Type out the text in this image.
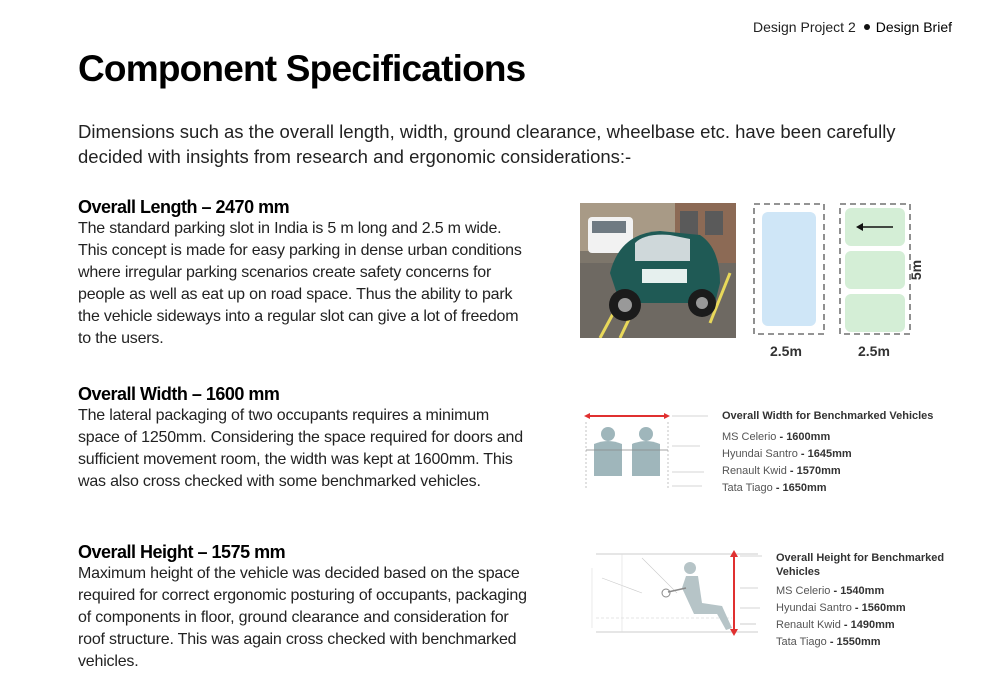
Design Project 2 Design Brief
Component Specifications

Dimensions such as the overall length, width, ground clearance, wheelbase etc. have been carefully decided with insights from research and ergonomic considerations:-

Overall Length – 2470 mm

The standard parking slot in India is 5 m long and 2.5 m wide. This concept is made for easy parking in dense urban conditions where irregular parking scenarios create safety concerns for people as well as eat up on road space. Thus the ability to park the vehicle sideways into a regular slot can give a lot of freedom to the users.

Overall Width – 1600 mm

The lateral packaging of two occupants requires a minimum space of 1250mm. Considering the space required for doors and sufficient movement room, the width was kept at 1600mm. This was also cross checked with some benchmarked vehicles.

Overall Height – 1575 mm

Maximum height of the vehicle was decided based on the space required for correct ergonomic posturing of occupants, packaging of components in floor, ground clearance and consideration for roof structure. This was again cross checked with benchmarked vehicles.

2.5m	2.5m
5m
Overall Width for Benchmarked Vehicles
MS Celerio - 1600mm
Hyundai Santro - 1645mm
Renault Kwid - 1570mm
Tata Tiago - 1650mm
Overall Height for Benchmarked
Vehicles
MS Celerio - 1540mm
Hyundai Santro - 1560mm
Renault Kwid - 1490mm
Tata Tiago - 1550mm
